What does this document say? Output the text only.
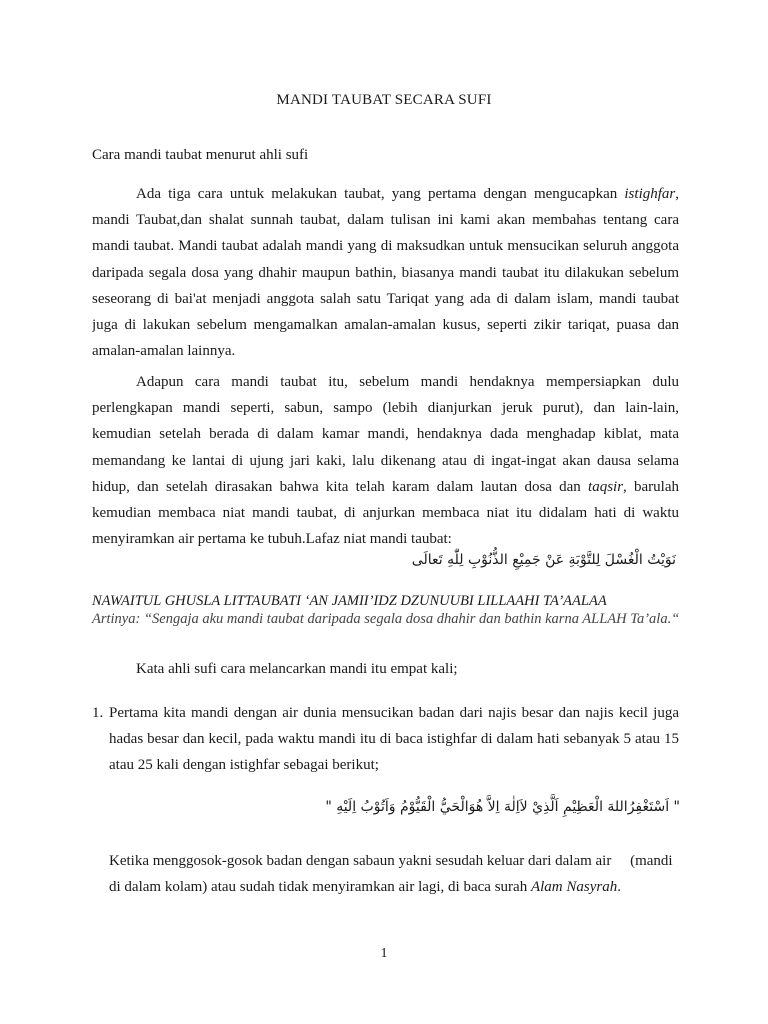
MANDI TAUBAT SECARA SUFI
Cara mandi taubat menurut ahli sufi
Ada tiga cara untuk melakukan taubat, yang pertama dengan mengucapkan istighfar,
mandi Taubat,dan shalat sunnah taubat, dalam tulisan ini kami akan membahas tentang cara
mandi taubat. Mandi taubat adalah mandi yang di maksudkan untuk mensucikan seluruh anggota
daripada segala dosa yang dhahir maupun bathin, biasanya mandi taubat itu dilakukan sebelum
seseorang di bai'at menjadi anggota salah satu Tariqat yang ada di dalam islam, mandi taubat
juga di lakukan sebelum mengamalkan amalan-amalan kusus, seperti zikir tariqat, puasa dan
amalan-amalan lainnya.
Adapun cara mandi taubat itu, sebelum mandi hendaknya mempersiapkan dulu
perlengkapan mandi seperti, sabun, sampo (lebih dianjurkan jeruk purut), dan lain-lain,
kemudian setelah berada di dalam kamar mandi, hendaknya dada menghadap kiblat, mata
memandang ke lantai di ujung jari kaki, lalu dikenang atau di ingat-ingat akan dausa selama
hidup, dan setelah dirasakan bahwa kita telah karam dalam lautan dosa dan taqsir, barulah
kemudian membaca niat mandi taubat, di anjurkan membaca niat itu didalam hati di waktu
menyiramkan air pertama ke tubuh.Lafaz niat mandi taubat:
نَوَيْتُ الْغُسْلَ لِلتَّوْبَةِ عَنْ جَمِيْعِ الذُّنُوْبِ لِلّٰهِ تَعالَى
NAWAITUL GHUSLA LITTAUBATI ‘AN JAMII’IDZ DZUNUUBI LILLAAHI TA’AALAA
Artinya: “Sengaja aku mandi taubat daripada segala dosa dhahir dan bathin karna ALLAH Ta’ala.“
Kata ahli sufi cara melancarkan mandi itu empat kali;
1. Pertama kita mandi dengan air dunia mensucikan badan dari najis besar dan najis kecil juga
hadas besar dan kecil, pada waktu mandi itu di baca istighfar di dalam hati sebanyak 5 atau 15
atau 25 kali dengan istighfar sebagai berikut;
" اَسْتَغْفِرُاللهَ الْعَظِيْمِ اَلَّذِيْ لاَاِلٰهَ اِلاَّ هُوَالْحَيُّ الْقَيُّوْمُ وَاَتُوْبُ اِلَيْهِ "
Ketika menggosok-gosok badan dengan sabaun yakni sesudah keluar dari dalam air     (mandi
di dalam kolam) atau sudah tidak menyiramkan air lagi, di baca surah Alam Nasyrah.
1
